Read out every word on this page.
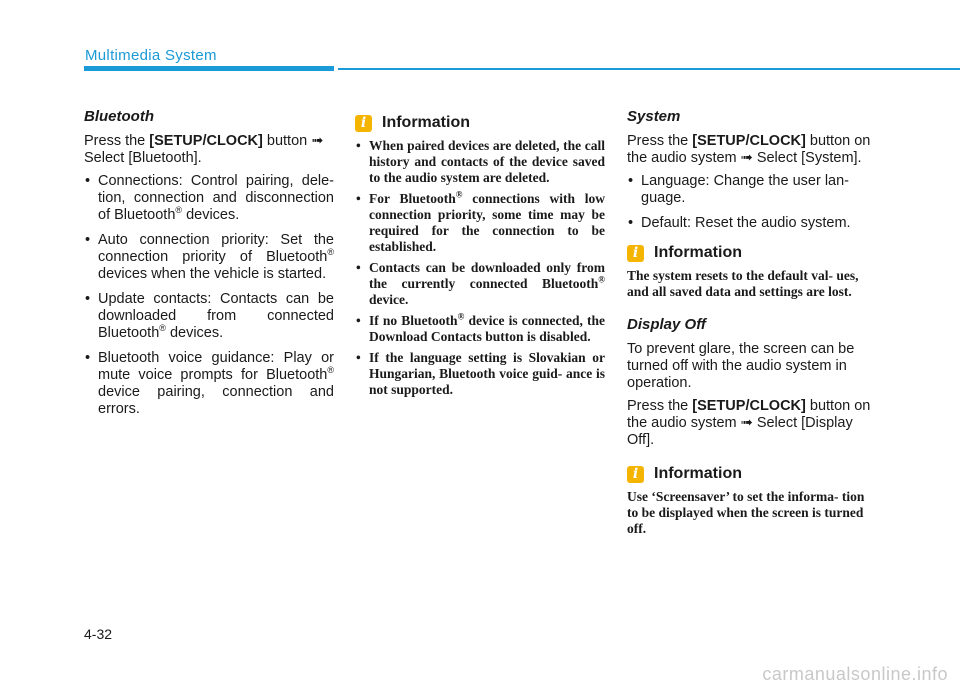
Multimedia System
Bluetooth

Press the [SETUP/CLOCK] button ➟ Select [Bluetooth].

• Connections: Control pairing, dele- tion, connection and disconnection of Bluetooth® devices.
• Auto connection priority: Set the connection priority of Bluetooth® devices when the vehicle is started.
• Update contacts: Contacts can be downloaded from connected Bluetooth® devices.
• Bluetooth voice guidance: Play or mute voice prompts for Bluetooth® device pairing, connection and errors.
i Information
• When paired devices are deleted, the call history and contacts of the device saved to the audio system are deleted.
• For Bluetooth® connections with low connection priority, some time may be required for the connection to be established.
• Contacts can be downloaded only from the currently connected Bluetooth® device.
• If no Bluetooth® device is connected, the Download Contacts button is disabled.
• If the language setting is Slovakian or Hungarian, Bluetooth voice guid- ance is not supported.
System

Press the [SETUP/CLOCK] button on the audio system ➟ Select [System].

• Language: Change the user lan- guage.
• Default: Reset the audio system.
i Information
The system resets to the default val- ues, and all saved data and settings are lost.
Display Off

To prevent glare, the screen can be turned off with the audio system in operation.

Press the [SETUP/CLOCK] button on the audio system ➟ Select [Display Off].

i Information
Use ‘Screensaver’ to set the informa- tion to be displayed when the screen is turned off.
4-32
carmanualsonline.info
